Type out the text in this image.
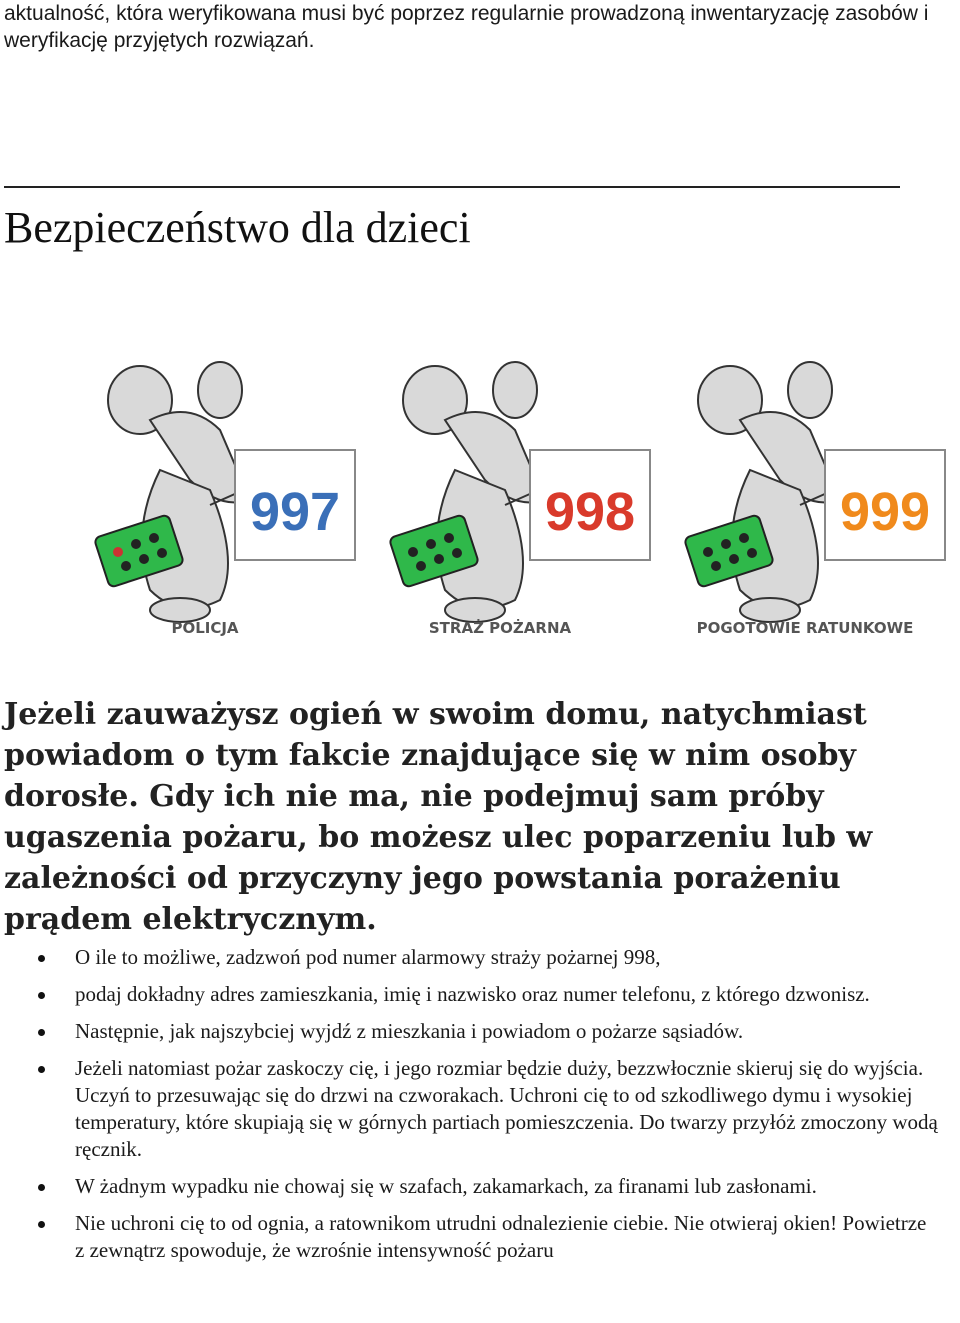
aktualność, która weryfikowana musi być poprzez regularnie prowadzoną inwentaryzację zasobów i weryfikację przyjętych rozwiązań.

Bezpieczeństwo dla dzieci
997
POLICJA
998
STRAŻ POŻARNA
999
POGOTOWIE RATUNKOWE

Jeżeli zauważysz ogień w swoim domu, natychmiast powiadom o tym fakcie znajdujące się w nim osoby dorosłe. Gdy ich nie ma, nie podejmuj sam próby ugaszenia pożaru, bo możesz ulec poparzeniu lub w zależności od przyczyny jego powstania porażeniu prądem elektrycznym.

O ile to możliwe, zadzwoń pod numer alarmowy straży pożarnej 998,
podaj dokładny adres zamieszkania, imię i nazwisko oraz numer telefonu, z którego dzwonisz.
Następnie, jak najszybciej wyjdź z mieszkania i powiadom o pożarze sąsiadów.
Jeżeli natomiast pożar zaskoczy cię, i jego rozmiar będzie duży, bezzwłocznie skieruj się do wyjścia. Uczyń to przesuwając się do drzwi na czworakach. Uchroni cię to od szkodliwego dymu i wysokiej temperatury, które skupiają się w górnych partiach pomieszczenia. Do twarzy przyłóż zmoczony wodą ręcznik.
W żadnym wypadku nie chowaj się w szafach, zakamarkach, za firanami lub zasłonami.
Nie uchroni cię to od ognia, a ratownikom utrudni odnalezienie ciebie. Nie otwieraj okien! Powietrze z zewnątrz spowoduje, że wzrośnie intensywność pożaru
